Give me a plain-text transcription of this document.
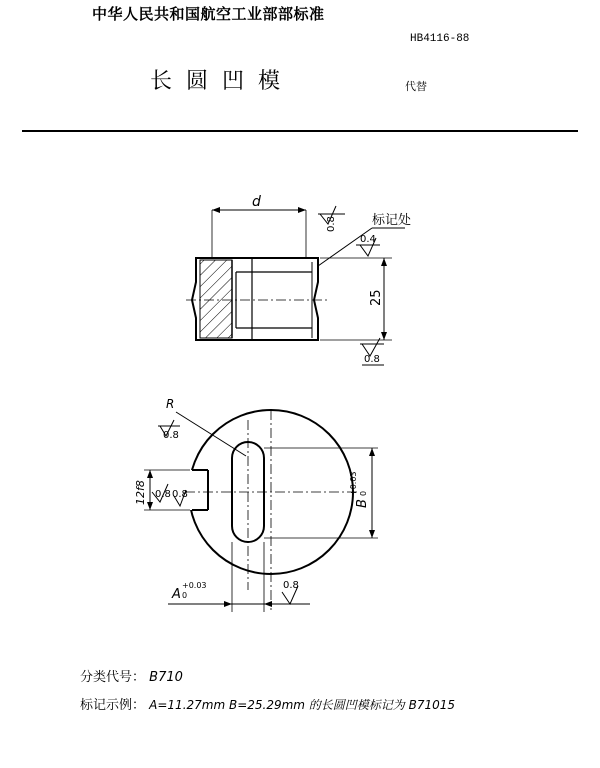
中华人民共和国航空工业部部标准
HB4116-88
长圆凹模	代替
d
0.8	标记处
0.4
25
0.8
R
0.8
12f8 0.8 0.8
B
+0.03 0
A
+0.03
0
0.8
分类代号： B710
标记示例： A=11.27mm B=25.29mm 的长圆凹模标记为 B71015
